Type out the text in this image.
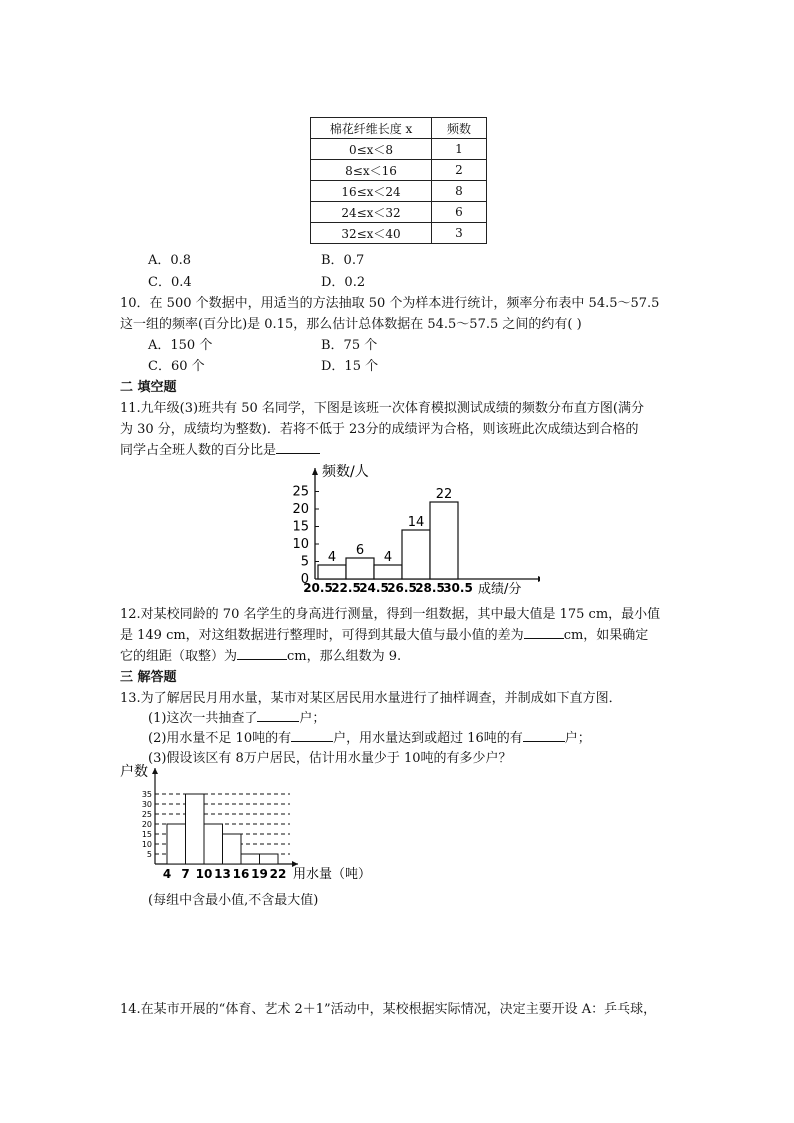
棉花纤维长度 x	频数
0≤x＜8	1
8≤x＜16	2
16≤x＜24	8
24≤x＜32	6
32≤x＜40	3
A．0.8	B．0.7
C．0.4	D．0.2
10．在 500 个数据中，用适当的方法抽取 50 个为样本进行统计，频率分布表中 54.5～57.5
这一组的频率(百分比)是 0.15，那么估计总体数据在 54.5～57.5 之间的约有( )
A．150 个	B．75 个
C．60 个	D．15 个
二 填空题
11.九年级(3)班共有 50 名同学，下图是该班一次体育模拟测试成绩的频数分布直方图(满分
为 30 分，成绩均为整数)．若将不低于 23分的成绩评为合格，则该班此次成绩达到合格的
同学占全班人数的百分比是
0
5
10
15
20
25
4 6 4
14
22
20.5
22.5
24.5
26.5
28.5
30.5 成绩/分
频数/人
12.对某校同龄的 70 名学生的身高进行测量，得到一组数据，其中最大值是 175 cm，最小值
是 149 cm，对这组数据进行整理时，可得到其最大值与最小值的差为	cm，如果确定
它的组距（取整）为	cm，那么组数为 9.
三 解答题
13.为了解居民月用水量，某市对某区居民用水量进行了抽样调查，并制成如下直方图．
(1)这次一共抽查了	户；
(2)用水量不足 10吨的有	户，用水量达到或超过 16吨的有	户；
(3)假设该区有 8万户居民，估计用水量少于 10吨的有多少户？
5
10
15
20
25
30
35
4 7 10 13 16 19 22 用水量（吨）
户数
(每组中含最小值,不含最大值)
14.在某市开展的“体育、艺术 2＋1”活动中，某校根据实际情况，决定主要开设 A：乒乓球，
